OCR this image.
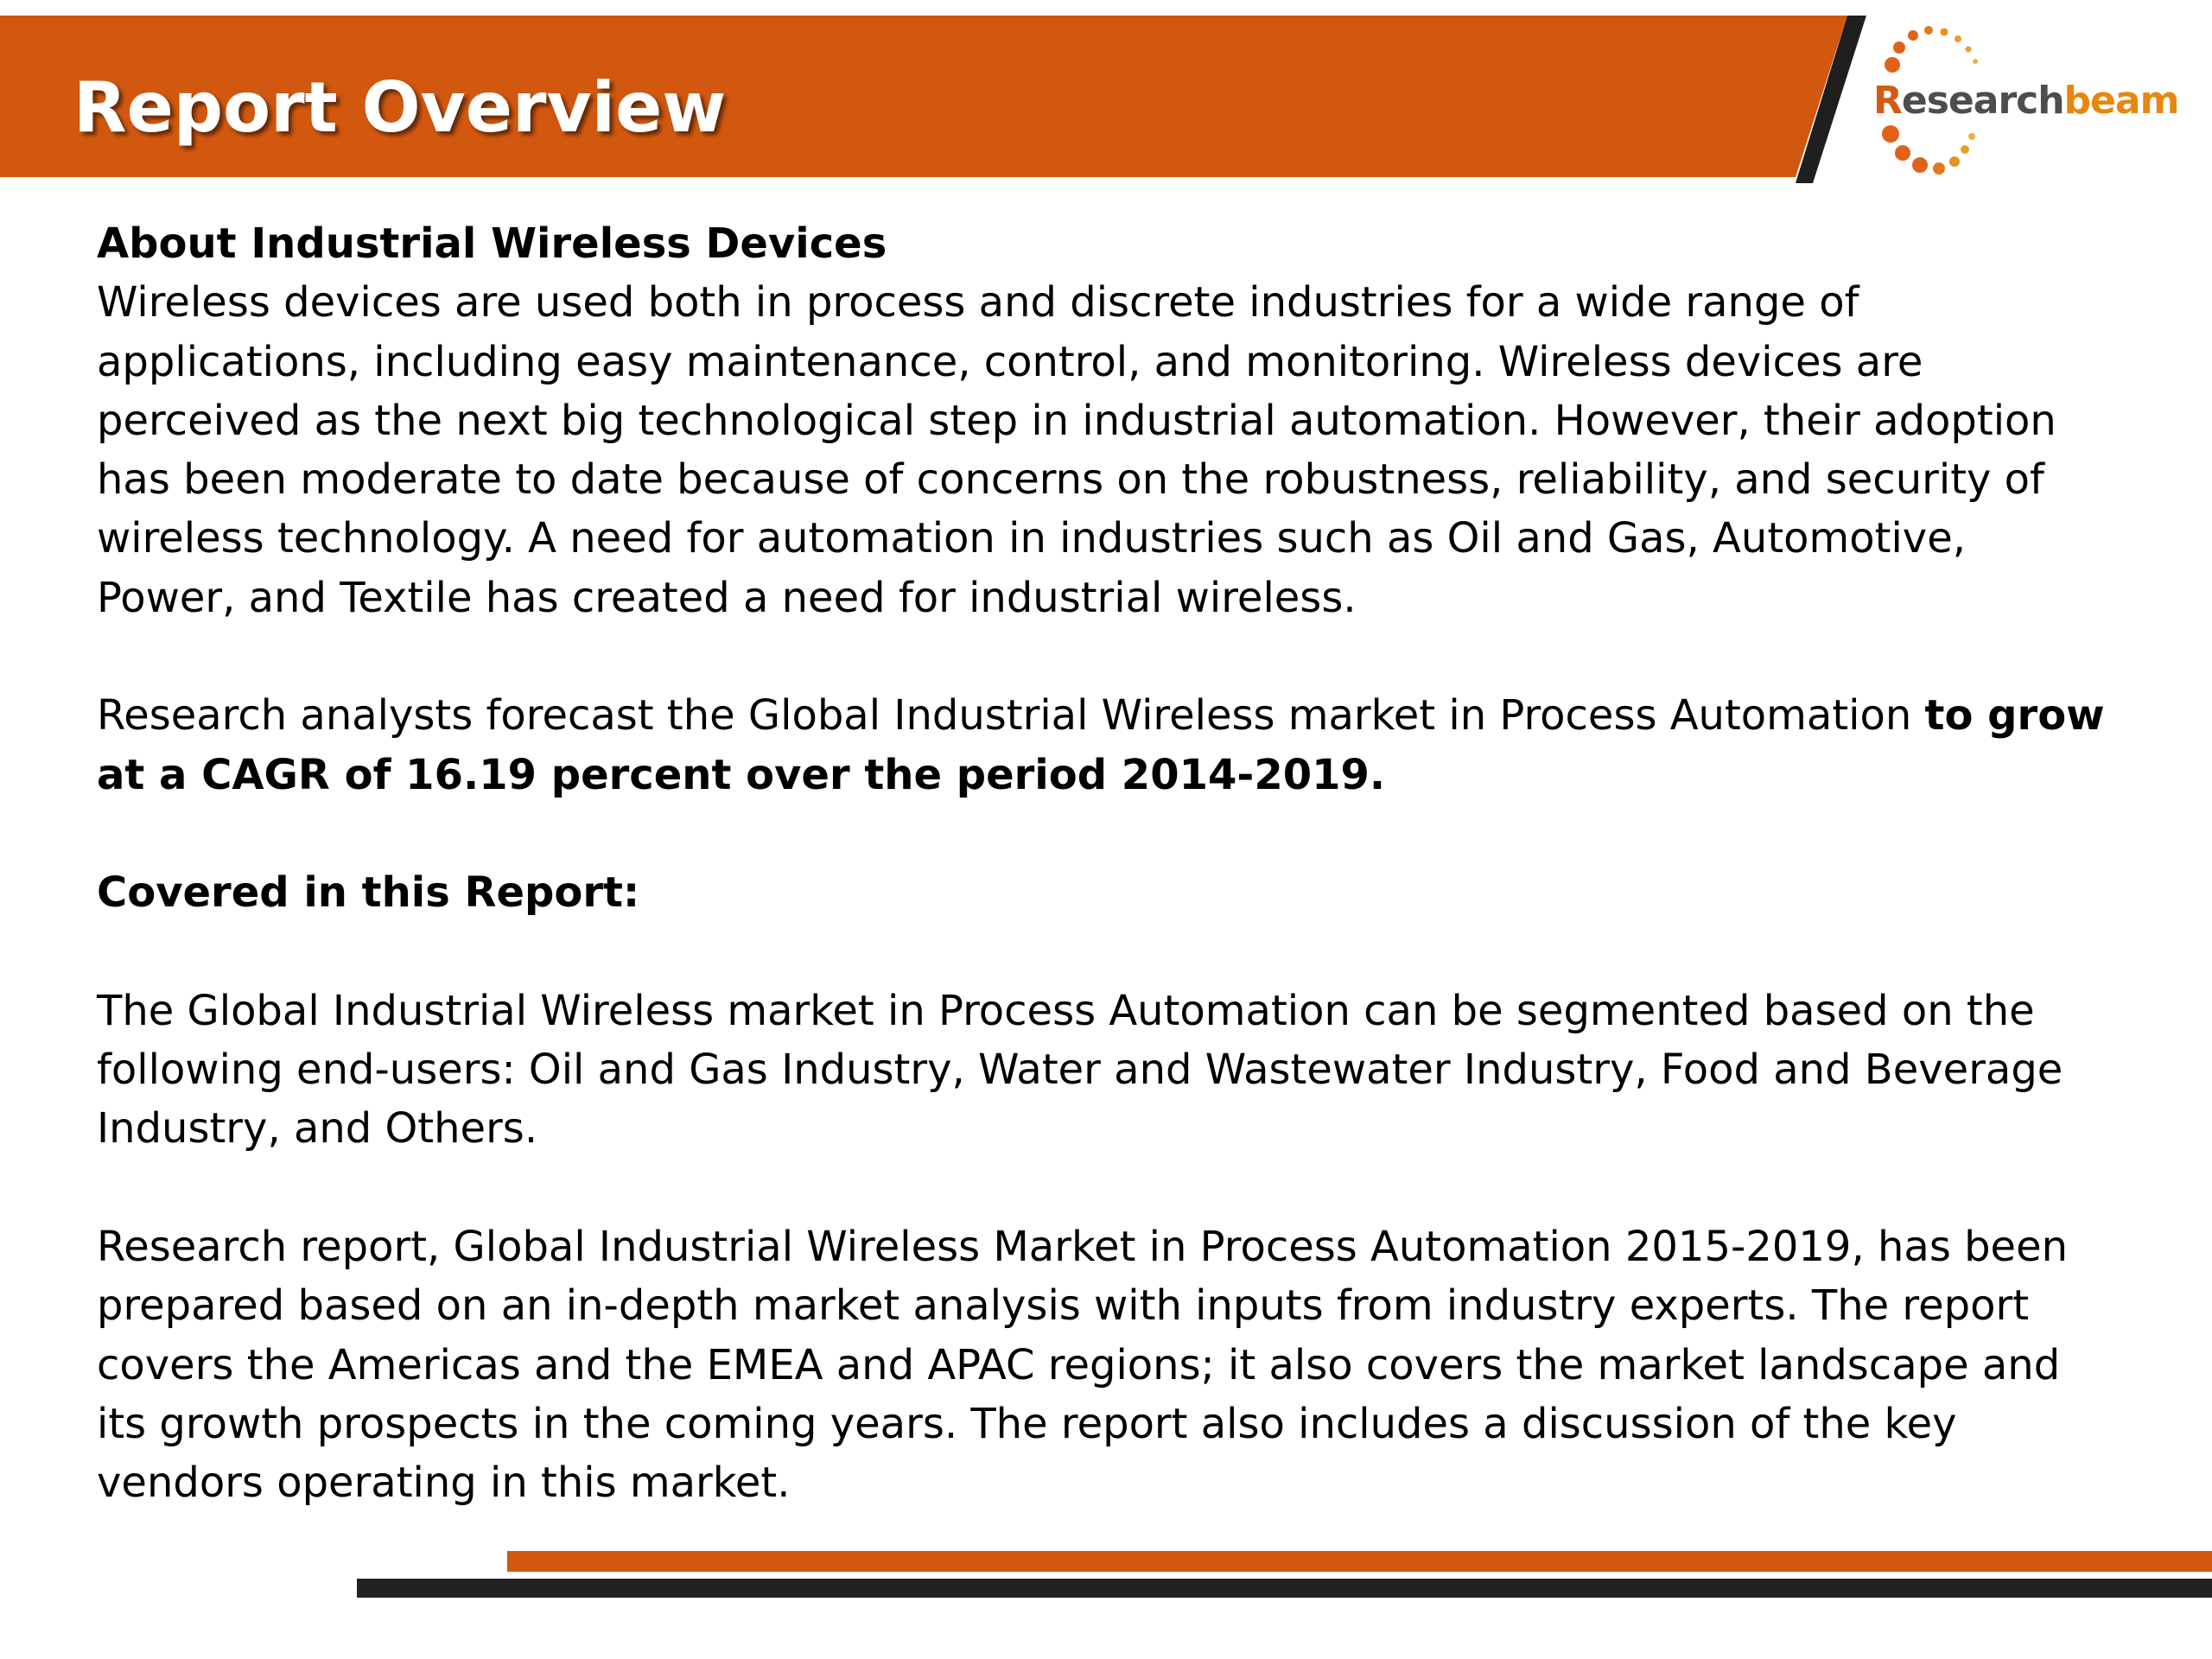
Report Overview	Researchbeam

About Industrial Wireless Devices

Wireless devices are used both in process and discrete industries for a wide range of applications, including easy maintenance, control, and monitoring. Wireless devices are perceived as the next big technological step in industrial automation. However, their adoption has been moderate to date because of concerns on the robustness, reliability, and security of wireless technology. A need for automation in industries such as Oil and Gas, Automotive, Power, and Textile has created a need for industrial wireless.

Research analysts forecast the Global Industrial Wireless market in Process Automation to grow at a CAGR of 16.19 percent over the period 2014-2019.

Covered in this Report:

The Global Industrial Wireless market in Process Automation can be segmented based on the following end-users: Oil and Gas Industry, Water and Wastewater Industry, Food and Beverage Industry, and Others.

Research report, Global Industrial Wireless Market in Process Automation 2015-2019, has been prepared based on an in-depth market analysis with inputs from industry experts. The report covers the Americas and the EMEA and APAC regions; it also covers the market landscape and its growth prospects in the coming years. The report also includes a discussion of the key vendors operating in this market.
